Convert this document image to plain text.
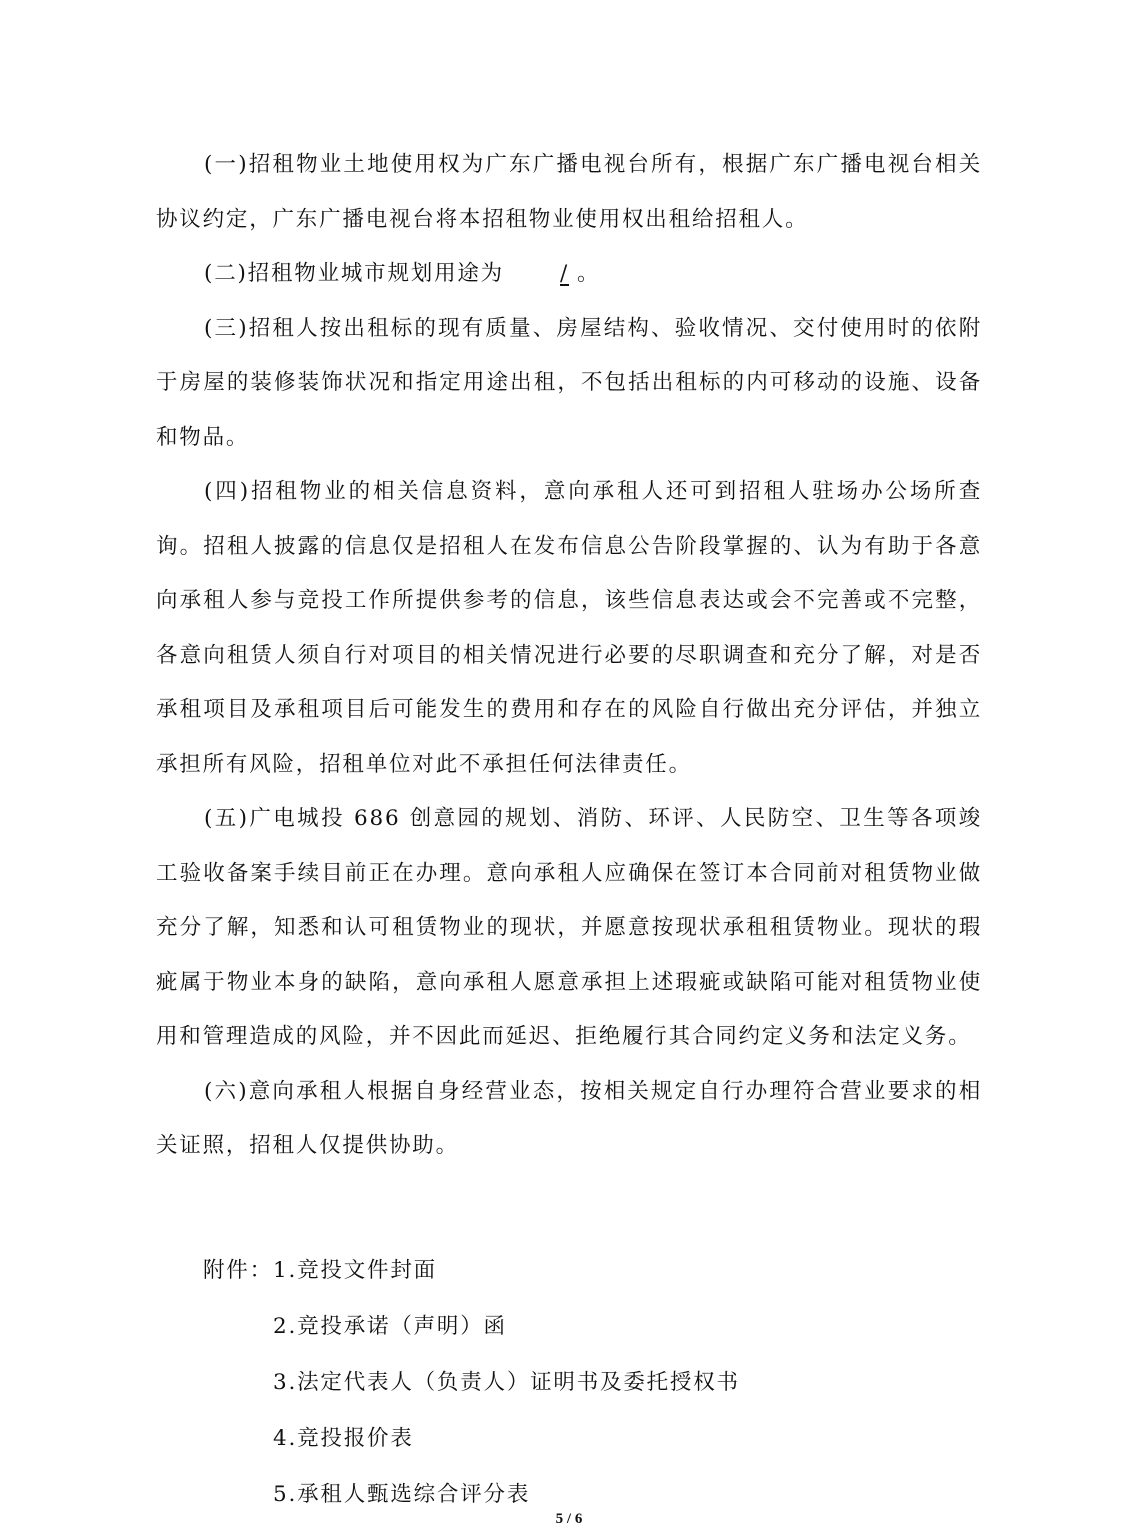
(一)招租物业土地使用权为广东广播电视台所有，根据广东广播电视台相关协议约定，广东广播电视台将本招租物业使用权出租给招租人。

(二)招租物业城市规划用途为	/ 。

(三)招租人按出租标的现有质量、房屋结构、验收情况、交付使用时的依附于房屋的装修装饰状况和指定用途出租，不包括出租标的内可移动的设施、设备和物品。

(四)招租物业的相关信息资料，意向承租人还可到招租人驻场办公场所查询。招租人披露的信息仅是招租人在发布信息公告阶段掌握的、认为有助于各意向承租人参与竞投工作所提供参考的信息，该些信息表达或会不完善或不完整，各意向租赁人须自行对项目的相关情况进行必要的尽职调查和充分了解，对是否承租项目及承租项目后可能发生的费用和存在的风险自行做出充分评估，并独立承担所有风险，招租单位对此不承担任何法律责任。

(五)广电城投 686 创意园的规划、消防、环评、人民防空、卫生等各项竣工验收备案手续目前正在办理。意向承租人应确保在签订本合同前对租赁物业做充分了解，知悉和认可租赁物业的现状，并愿意按现状承租租赁物业。现状的瑕疵属于物业本身的缺陷，意向承租人愿意承担上述瑕疵或缺陷可能对租赁物业使用和管理造成的风险，并不因此而延迟、拒绝履行其合同约定义务和法定义务。

(六)意向承租人根据自身经营业态，按相关规定自行办理符合营业要求的相关证照，招租人仅提供协助。

附件： 1.竞投文件封面
2.竞投承诺（声明）函
3.法定代表人（负责人）证明书及委托授权书
4.竞投报价表
5.承租人甄选综合评分表
5 / 6
